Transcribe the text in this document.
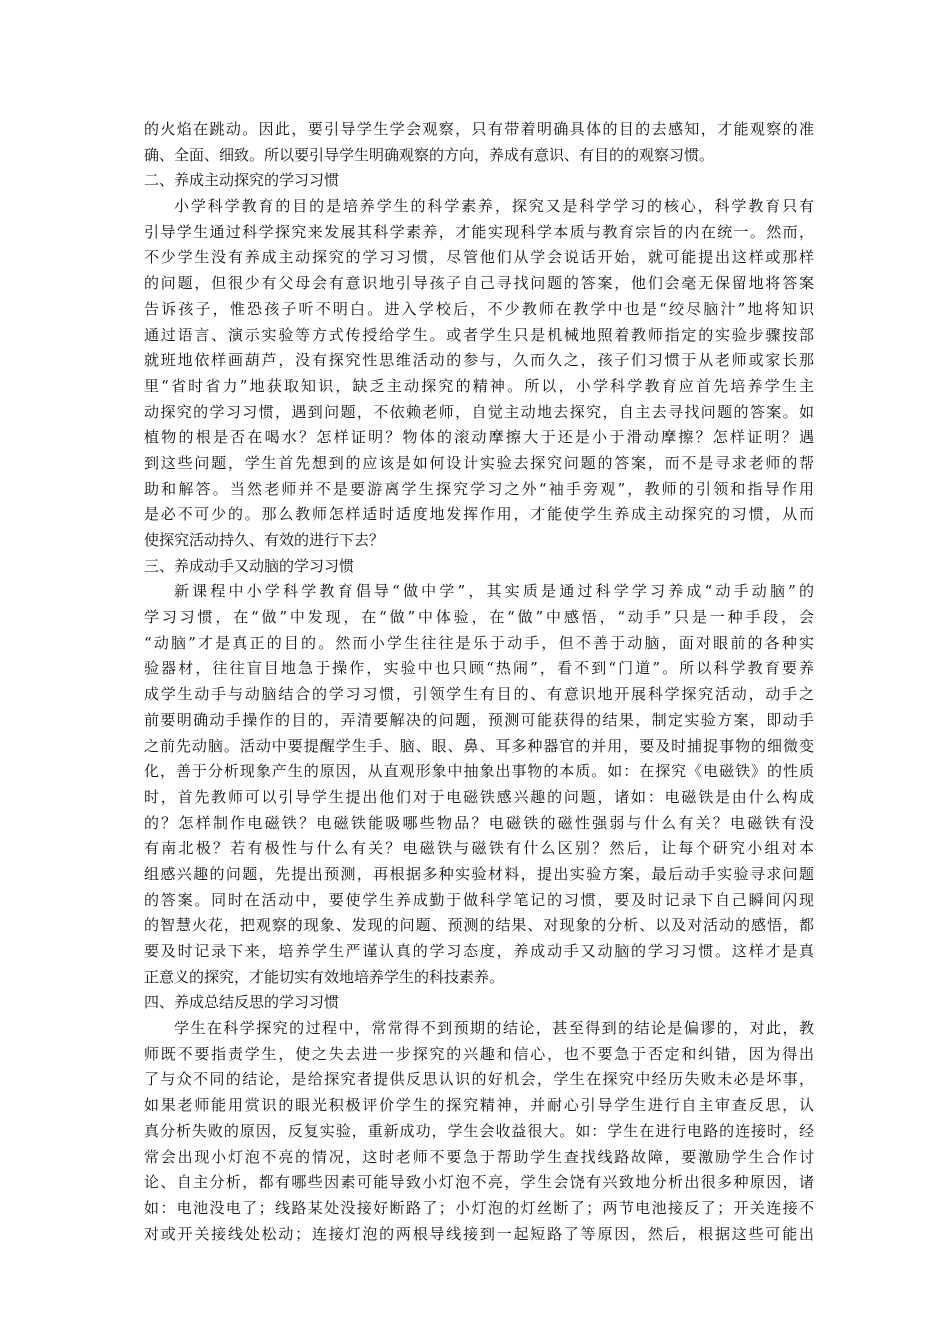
的火焰在跳动。因此，要引导学生学会观察，只有带着明确具体的目的去感知，才能观察的准
确、全面、细致。所以要引导学生明确观察的方向，养成有意识、有目的的观察习惯。
二、养成主动探究的学习习惯
小学科学教育的目的是培养学生的科学素养，探究又是科学学习的核心，科学教育只有
引导学生通过科学探究来发展其科学素养，才能实现科学本质与教育宗旨的内在统一。然而，
不少学生没有养成主动探究的学习习惯，尽管他们从学会说话开始，就可能提出这样或那样
的问题，但很少有父母会有意识地引导孩子自己寻找问题的答案，他们会毫无保留地将答案
告诉孩子，惟恐孩子听不明白。进入学校后，不少教师在教学中也是“绞尽脑汁”地将知识
通过语言、演示实验等方式传授给学生。或者学生只是机械地照着教师指定的实验步骤按部
就班地依样画葫芦，没有探究性思维活动的参与，久而久之，孩子们习惯于从老师或家长那
里“省时省力”地获取知识，缺乏主动探究的精神。所以，小学科学教育应首先培养学生主
动探究的学习习惯，遇到问题，不依赖老师，自觉主动地去探究，自主去寻找问题的答案。如
植物的根是否在喝水？怎样证明？物体的滚动摩擦大于还是小于滑动摩擦？怎样证明？遇
到这些问题，学生首先想到的应该是如何设计实验去探究问题的答案，而不是寻求老师的帮
助和解答。当然老师并不是要游离学生探究学习之外“袖手旁观”，教师的引领和指导作用
是必不可少的。那么教师怎样适时适度地发挥作用，才能使学生养成主动探究的习惯，从而
使探究活动持久、有效的进行下去？
三、养成动手又动脑的学习习惯
新课程中小学科学教育倡导“做中学”，其实质是通过科学学习养成“动手动脑”的
学习习惯，在“做”中发现，在“做”中体验，在“做”中感悟，“动手”只是一种手段，会
“动脑”才是真正的目的。然而小学生往往是乐于动手，但不善于动脑，面对眼前的各种实
验器材，往往盲目地急于操作，实验中也只顾“热闹”，看不到“门道”。所以科学教育要养
成学生动手与动脑结合的学习习惯，引领学生有目的、有意识地开展科学探究活动，动手之
前要明确动手操作的目的，弄清要解决的问题，预测可能获得的结果，制定实验方案，即动手
之前先动脑。活动中要提醒学生手、脑、眼、鼻、耳多种器官的并用，要及时捕捉事物的细微变
化，善于分析现象产生的原因，从直观形象中抽象出事物的本质。如：在探究《电磁铁》的性质
时，首先教师可以引导学生提出他们对于电磁铁感兴趣的问题，诸如：电磁铁是由什么构成
的？怎样制作电磁铁？电磁铁能吸哪些物品？电磁铁的磁性强弱与什么有关？电磁铁有没
有南北极？若有极性与什么有关？电磁铁与磁铁有什么区别？然后，让每个研究小组对本
组感兴趣的问题，先提出预测，再根据多种实验材料，提出实验方案，最后动手实验寻求问题
的答案。同时在活动中，要使学生养成勤于做科学笔记的习惯，要及时记录下自己瞬间闪现
的智慧火花，把观察的现象、发现的问题、预测的结果、对现象的分析、以及对活动的感悟，都
要及时记录下来，培养学生严谨认真的学习态度，养成动手又动脑的学习习惯。这样才是真
正意义的探究，才能切实有效地培养学生的科技素养。
四、养成总结反思的学习习惯
学生在科学探究的过程中，常常得不到预期的结论，甚至得到的结论是偏谬的，对此，教
师既不要指责学生，使之失去进一步探究的兴趣和信心，也不要急于否定和纠错，因为得出
了与众不同的结论，是给探究者提供反思认识的好机会，学生在探究中经历失败未必是坏事，
如果老师能用赏识的眼光积极评价学生的探究精神，并耐心引导学生进行自主审查反思，认
真分析失败的原因，反复实验，重新成功，学生会收益很大。如：学生在进行电路的连接时，经
常会出现小灯泡不亮的情况，这时老师不要急于帮助学生查找线路故障，要激励学生合作讨
论、自主分析，都有哪些因素可能导致小灯泡不亮，学生会饶有兴致地分析出很多种原因，诸
如：电池没电了；线路某处没接好断路了；小灯泡的灯丝断了；两节电池接反了；开关连接不
对或开关接线处松动；连接灯泡的两根导线接到一起短路了等原因，然后，根据这些可能出
